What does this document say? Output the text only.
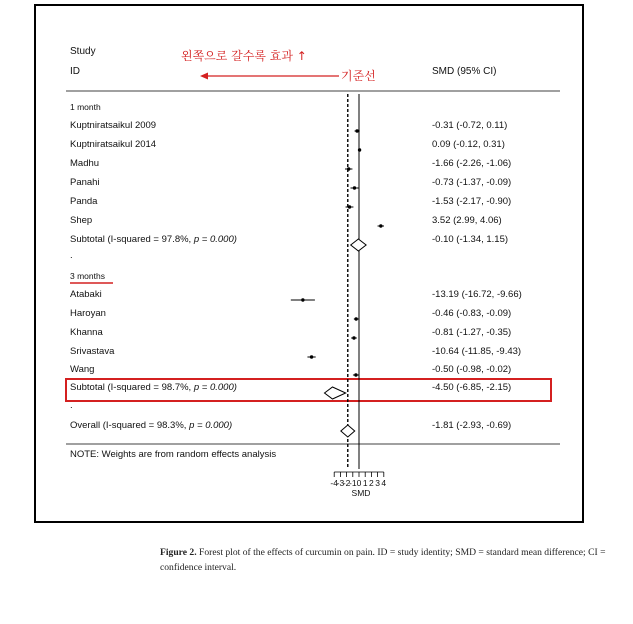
Study
ID	SMD (95% CI)
왼쪽으로 갈수록 효과 ↑
기준선
1 month
Kuptniratsaikul 2009	-0.31 (-0.72, 0.11)
Kuptniratsaikul 2014	0.09 (-0.12, 0.31)
Madhu	-1.66 (-2.26, -1.06)
Panahi	-0.73 (-1.37, -0.09)
Panda	-1.53 (-2.17, -0.90)
Shep	3.52 (2.99, 4.06)
Subtotal (I-squared = 97.8%, p = 0.000)	-0.10 (-1.34, 1.15)
.
3 months
Atabaki	-13.19 (-16.72, -9.66)
Haroyan	-0.46 (-0.83, -0.09)
Khanna	-0.81 (-1.27, -0.35)
Srivastava	-10.64 (-11.85, -9.43)
Wang	-0.50 (-0.98, -0.02)
Subtotal (I-squared = 98.7%, p = 0.000)	-4.50 (-6.85, -2.15)
.
Overall (I-squared = 98.3%, p = 0.000)	-1.81 (-2.93, -0.69)
NOTE: Weights are from random effects analysis
-4
-3
-2
-1 0 1 2 3 4
SMD
Figure 2. Forest plot of the effects of curcumin on pain. ID = study identity; SMD = standard mean difference; CI = confidence interval.
